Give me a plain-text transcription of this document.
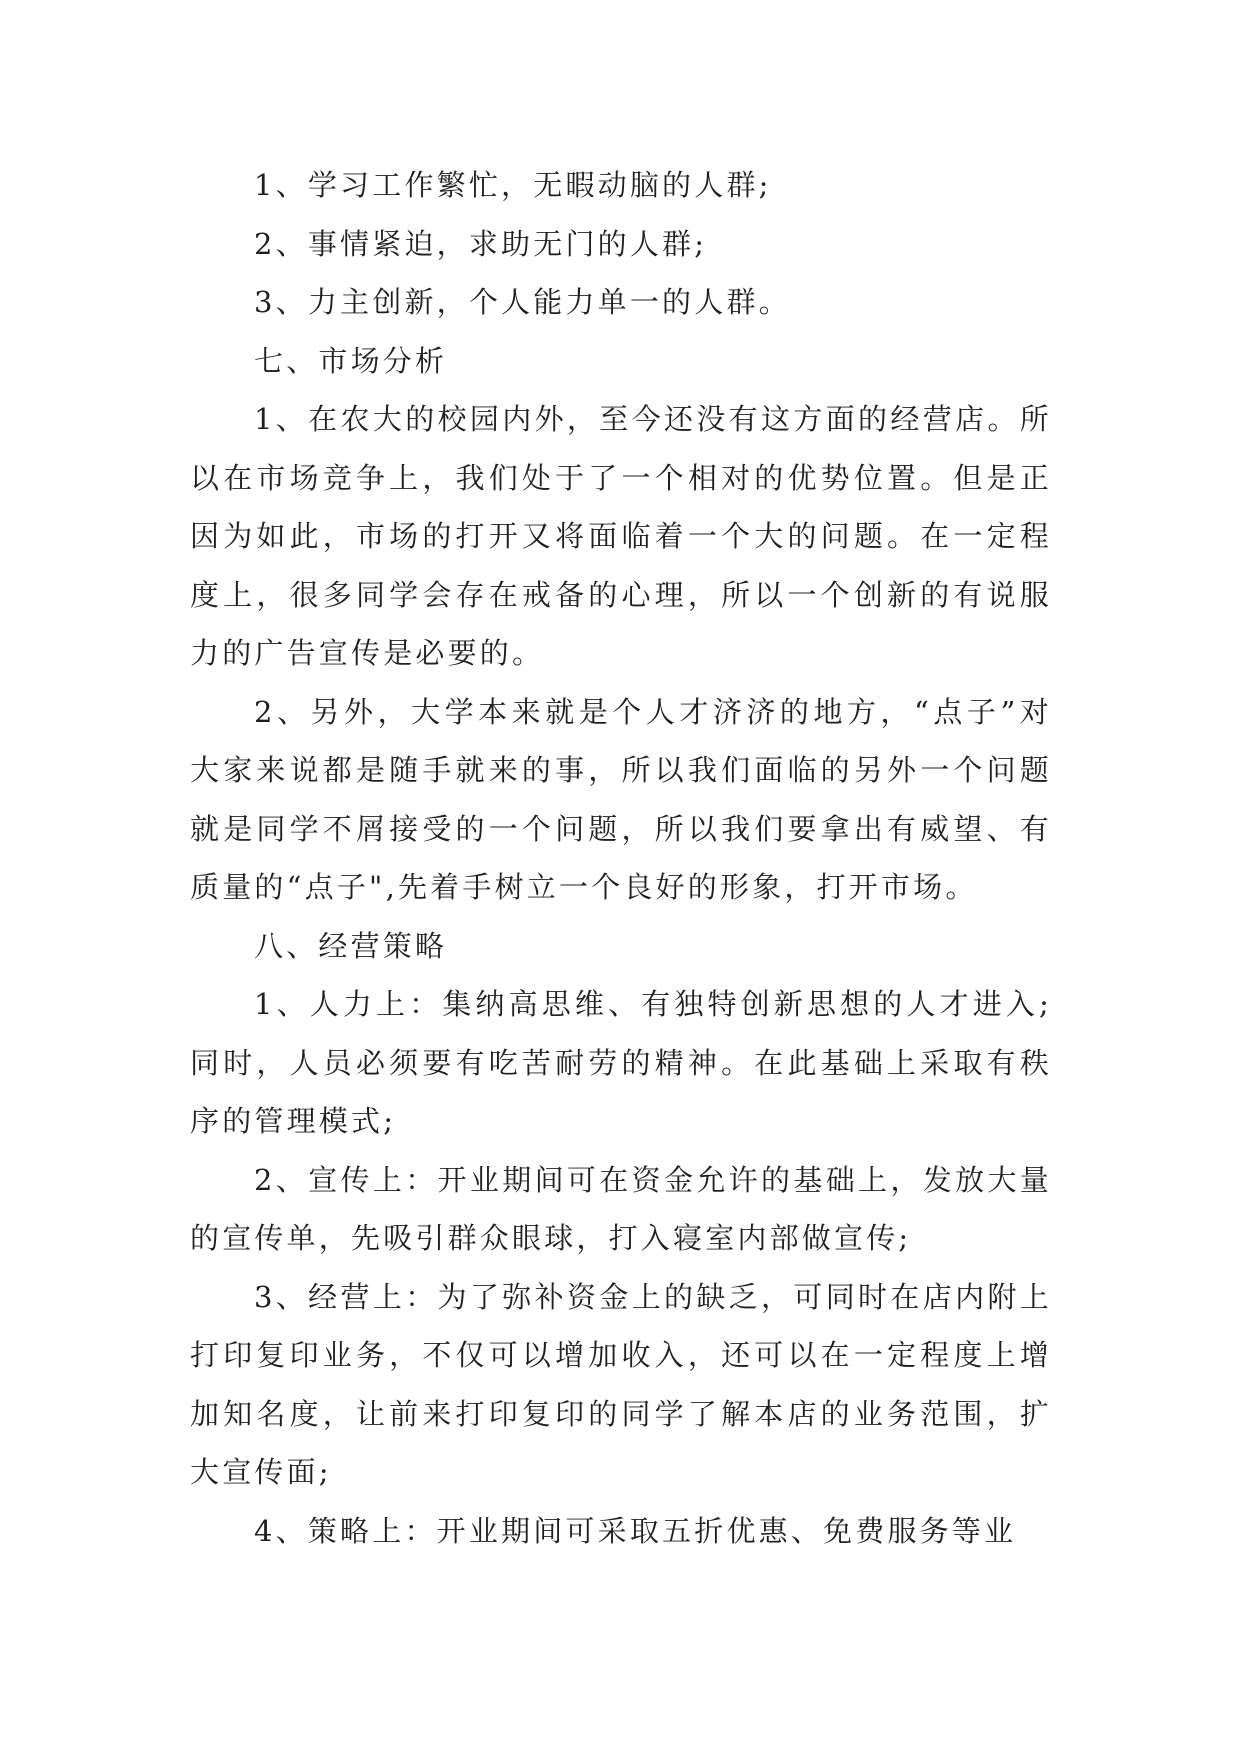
1、学习工作繁忙，无暇动脑的人群;

2、事情紧迫，求助无门的人群;

3、力主创新，个人能力单一的人群。

七、市场分析

1、在农大的校园内外，至今还没有这方面的经营店。所以在市场竞争上，我们处于了一个相对的优势位置。但是正因为如此，市场的打开又将面临着一个大的问题。在一定程度上，很多同学会存在戒备的心理，所以一个创新的有说服力的广告宣传是必要的。

2、另外，大学本来就是个人才济济的地方，“点子”对大家来说都是随手就来的事，所以我们面临的另外一个问题就是同学不屑接受的一个问题，所以我们要拿出有威望、有质量的“点子",先着手树立一个良好的形象，打开市场。

八、经营策略

1、人力上：集纳高思维、有独特创新思想的人才进入;同时，人员必须要有吃苦耐劳的精神。在此基础上采取有秩序的管理模式;

2、宣传上：开业期间可在资金允许的基础上，发放大量的宣传单，先吸引群众眼球，打入寝室内部做宣传;

3、经营上：为了弥补资金上的缺乏，可同时在店内附上打印复印业务，不仅可以增加收入，还可以在一定程度上增加知名度，让前来打印复印的同学了解本店的业务范围，扩大宣传面;

4、策略上：开业期间可采取五折优惠、免费服务等业
